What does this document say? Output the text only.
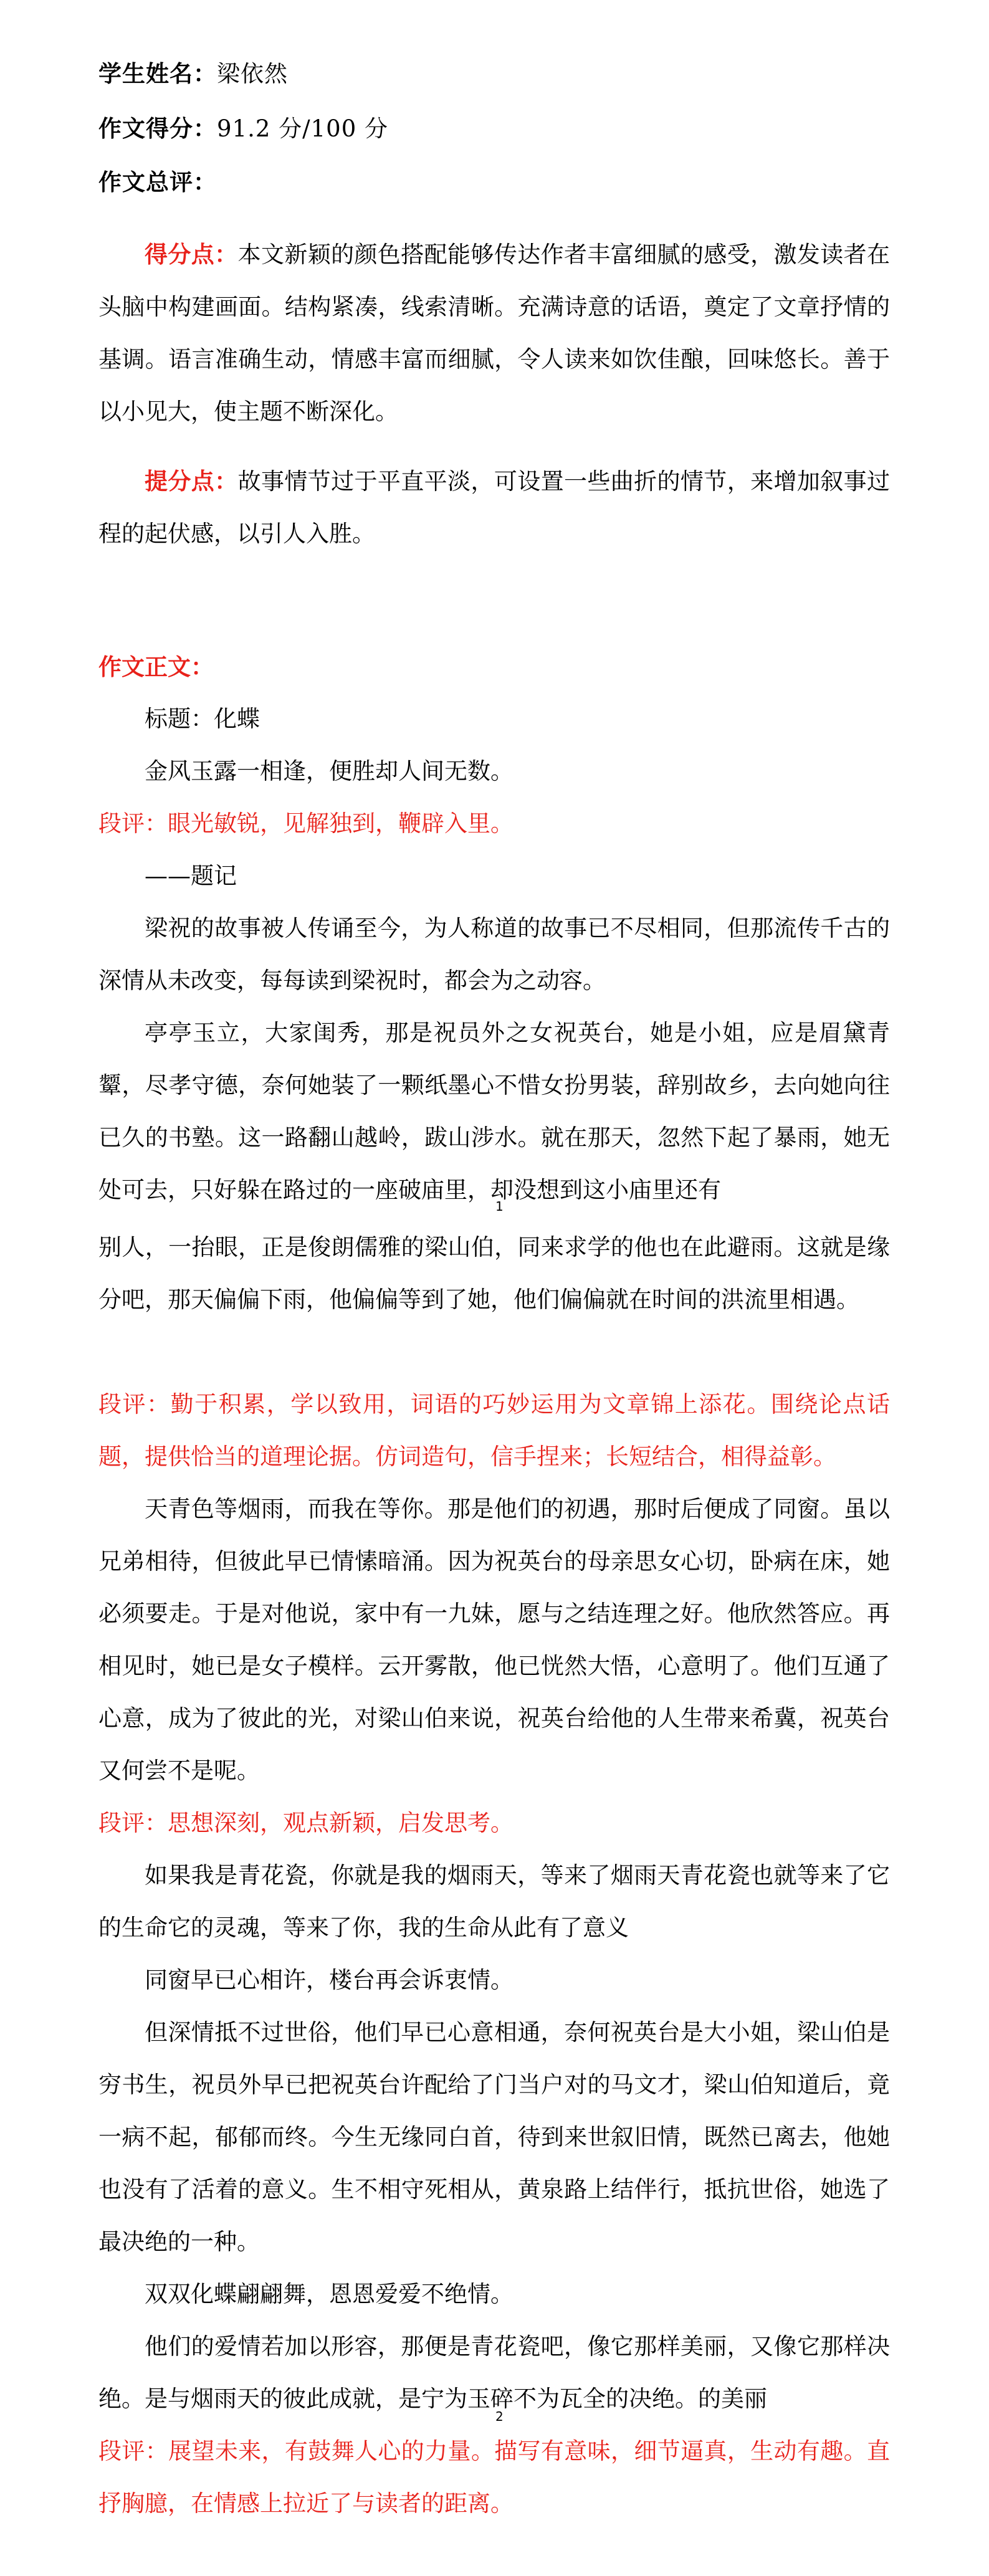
学生姓名：梁依然
作文得分：91.2 分/100 分
作文总评：
得分点：本文新颖的颜色搭配能够传达作者丰富细腻的感受，激发读者在头脑中构建画面。结构紧凑，线索清晰。充满诗意的话语，奠定了文章抒情的基调。语言准确生动，情感丰富而细腻，令人读来如饮佳酿，回味悠长。善于以小见大，使主题不断深化。
提分点：故事情节过于平直平淡，可设置一些曲折的情节，来增加叙事过程的起伏感，以引人入胜。
作文正文：
标题：化蝶
金风玉露一相逢，便胜却人间无数。
段评：眼光敏锐，见解独到，鞭辟入里。
——题记
梁祝的故事被人传诵至今，为人称道的故事已不尽相同，但那流传千古的深情从未改变，每每读到梁祝时，都会为之动容。
亭亭玉立，大家闺秀，那是祝员外之女祝英台，她是小姐，应是眉黛青颦，尽孝守德，奈何她装了一颗纸墨心不惜女扮男装，辞别故乡，去向她向往已久的书塾。这一路翻山越岭，跋山涉水。就在那天，忽然下起了暴雨，她无处可去，只好躲在路过的一座破庙里，却没想到这小庙里还有
1
别人，一抬眼，正是俊朗儒雅的梁山伯，同来求学的他也在此避雨。这就是缘分吧，那天偏偏下雨，他偏偏等到了她，他们偏偏就在时间的洪流里相遇。
段评：勤于积累，学以致用，词语的巧妙运用为文章锦上添花。围绕论点话题，提供恰当的道理论据。仿词造句，信手捏来；长短结合，相得益彰。
天青色等烟雨，而我在等你。那是他们的初遇，那时后便成了同窗。虽以兄弟相待，但彼此早已情愫暗涌。因为祝英台的母亲思女心切，卧病在床，她必须要走。于是对他说，家中有一九妹，愿与之结连理之好。他欣然答应。再相见时，她已是女子模样。云开雾散，他已恍然大悟，心意明了。他们互通了心意，成为了彼此的光，对梁山伯来说，祝英台给他的人生带来希冀，祝英台又何尝不是呢。
段评：思想深刻，观点新颖，启发思考。
如果我是青花瓷，你就是我的烟雨天，等来了烟雨天青花瓷也就等来了它的生命它的灵魂，等来了你，我的生命从此有了意义
同窗早已心相许，楼台再会诉衷情。
但深情抵不过世俗，他们早已心意相通，奈何祝英台是大小姐，梁山伯是穷书生，祝员外早已把祝英台许配给了门当户对的马文才，梁山伯知道后，竟一病不起，郁郁而终。今生无缘同白首，待到来世叙旧情，既然已离去，他她也没有了活着的意义。生不相守死相从，黄泉路上结伴行，抵抗世俗，她选了最决绝的一种。
双双化蝶翩翩舞，恩恩爱爱不绝情。
他们的爱情若加以形容，那便是青花瓷吧，像它那样美丽，又像它那样决绝。是与烟雨天的彼此成就，是宁为玉碎不为瓦全的决绝。的美丽
2
段评：展望未来，有鼓舞人心的力量。描写有意味，细节逼真，生动有趣。直抒胸臆，在情感上拉近了与读者的距离。
